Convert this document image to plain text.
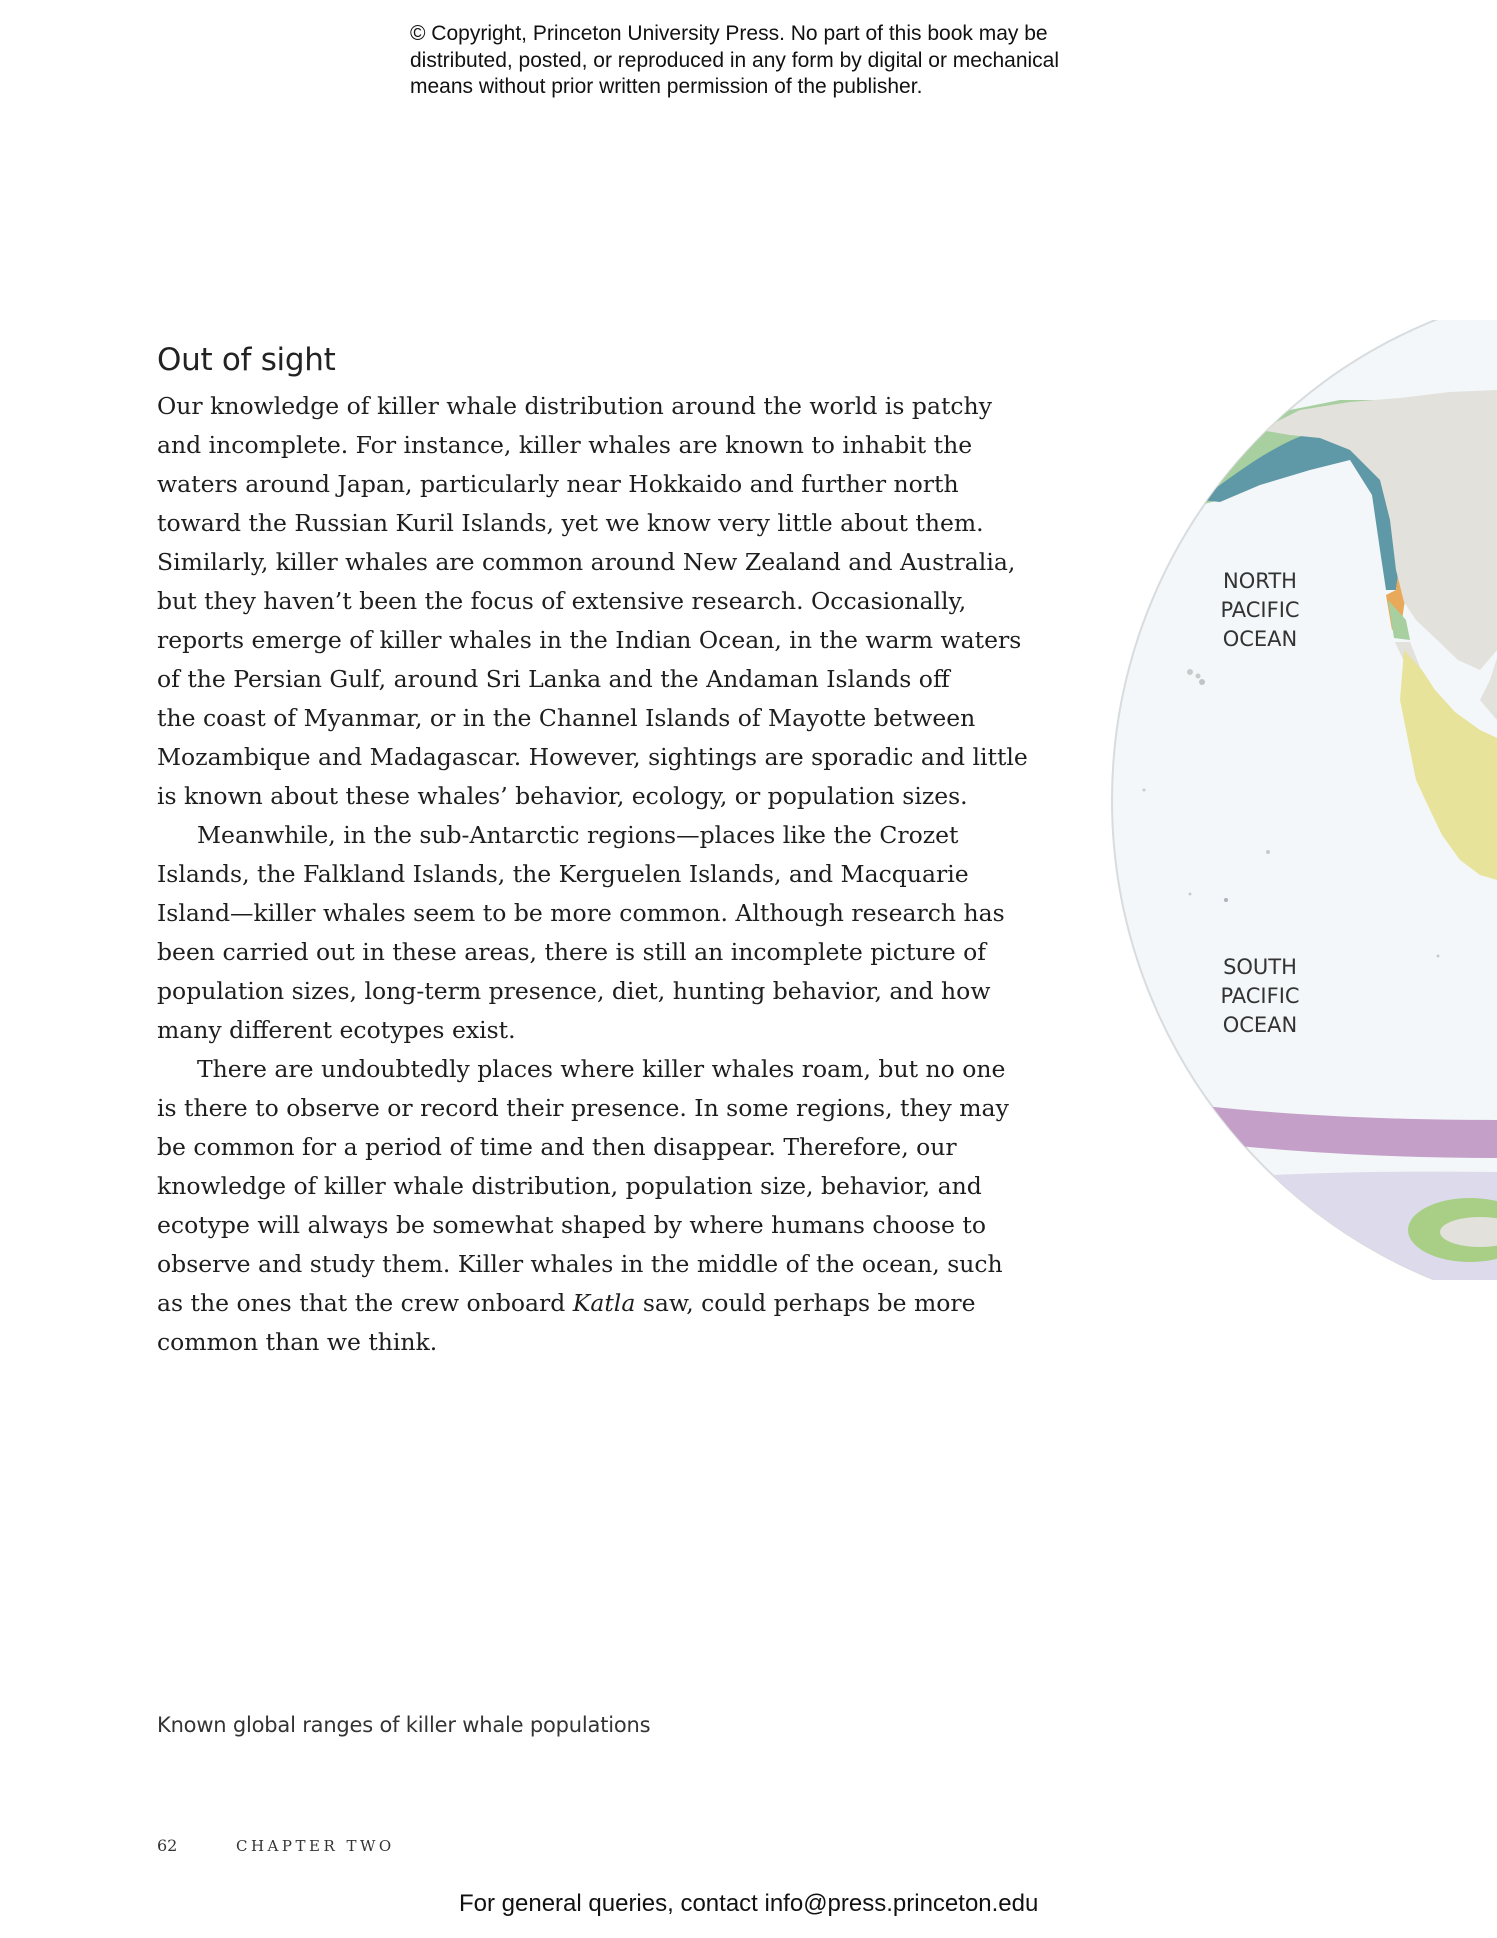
© Copyright, Princeton University Press. No part of this book may be
distributed, posted, or reproduced in any form by digital or mechanical
means without prior written permission of the publisher.
Out of sight
Our knowledge of killer whale distribution around the world is patchy
and incomplete. For instance, killer whales are known to inhabit the
waters around Japan, particularly near Hokkaido and further north
toward the Russian Kuril Islands, yet we know very little about them.
Similarly, killer whales are common around New Zealand and Australia,
but they haven’t been the focus of extensive research. Occasionally,
reports emerge of killer whales in the Indian Ocean, in the warm waters
of the Persian Gulf, around Sri Lanka and the Andaman Islands off
the coast of Myanmar, or in the Channel Islands of Mayotte between
Mozambique and Madagascar. However, sightings are sporadic and little
is known about these whales’ behavior, ecology, or population sizes.
Meanwhile, in the sub-Antarctic regions—places like the Crozet
Islands, the Falkland Islands, the Kerguelen Islands, and Macquarie
Island—killer whales seem to be more common. Although research has
been carried out in these areas, there is still an incomplete picture of
population sizes, long-term presence, diet, hunting behavior, and how
many different ecotypes exist.
There are undoubtedly places where killer whales roam, but no one
is there to observe or record their presence. In some regions, they may
be common for a period of time and then disappear. Therefore, our
knowledge of killer whale distribution, population size, behavior, and
ecotype will always be somewhat shaped by where humans choose to
observe and study them. Killer whales in the middle of the ocean, such
as the ones that the crew onboard Katla saw, could perhaps be more
common than we think.
NORTH
PACIFIC
OCEAN
SOUTH
PACIFIC
OCEAN
Known global ranges of killer whale populations
62	CHAPTER TWO
For general queries, contact info@press.princeton.edu
